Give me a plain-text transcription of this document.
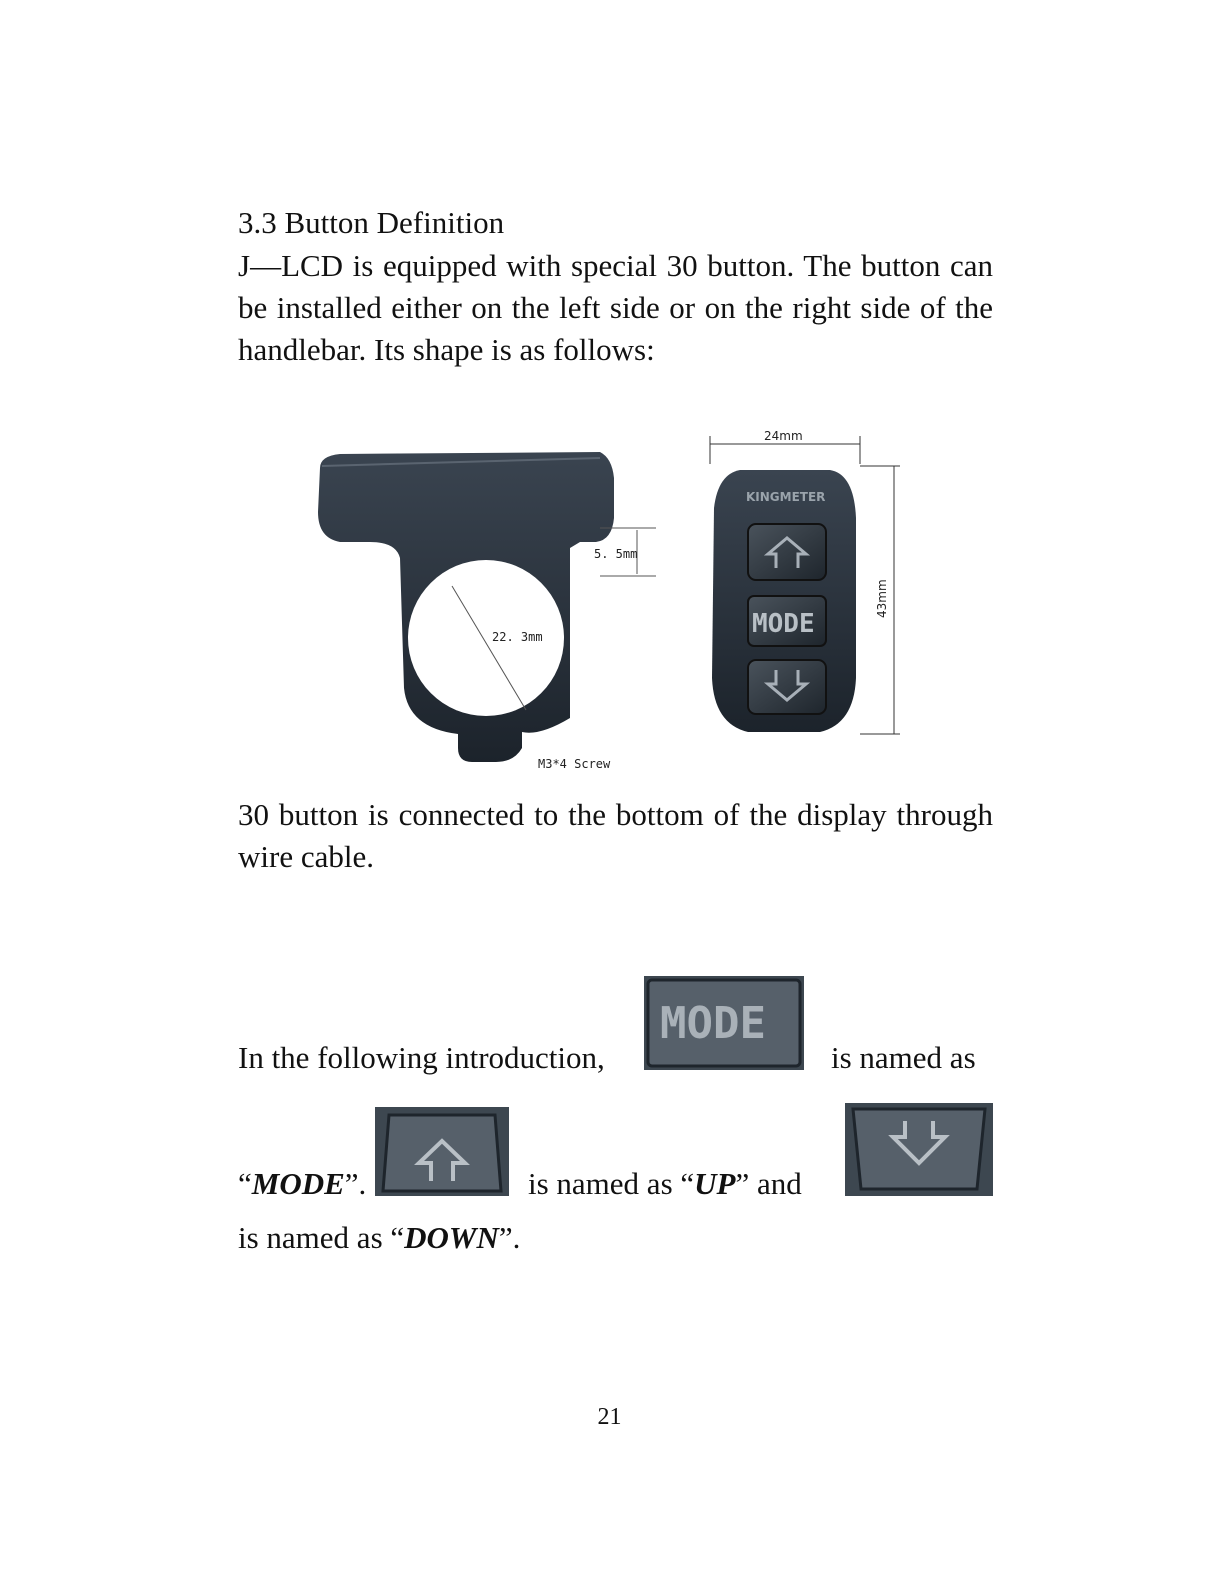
3.3 Button Definition
J—LCD is equipped with special 30 button. The button can be installed either on the left side or on the right side of the handlebar. Its shape is as follows:
22. 3mm
5. 5mm
M3*4 Screw
24mm
43mm
KINGMETER
MODE
30 button is connected to the bottom of the display through wire cable.
In the following introduction,
MODE
is named as
“MODE”.	is named as “UP” and
is named as “DOWN”.
21
